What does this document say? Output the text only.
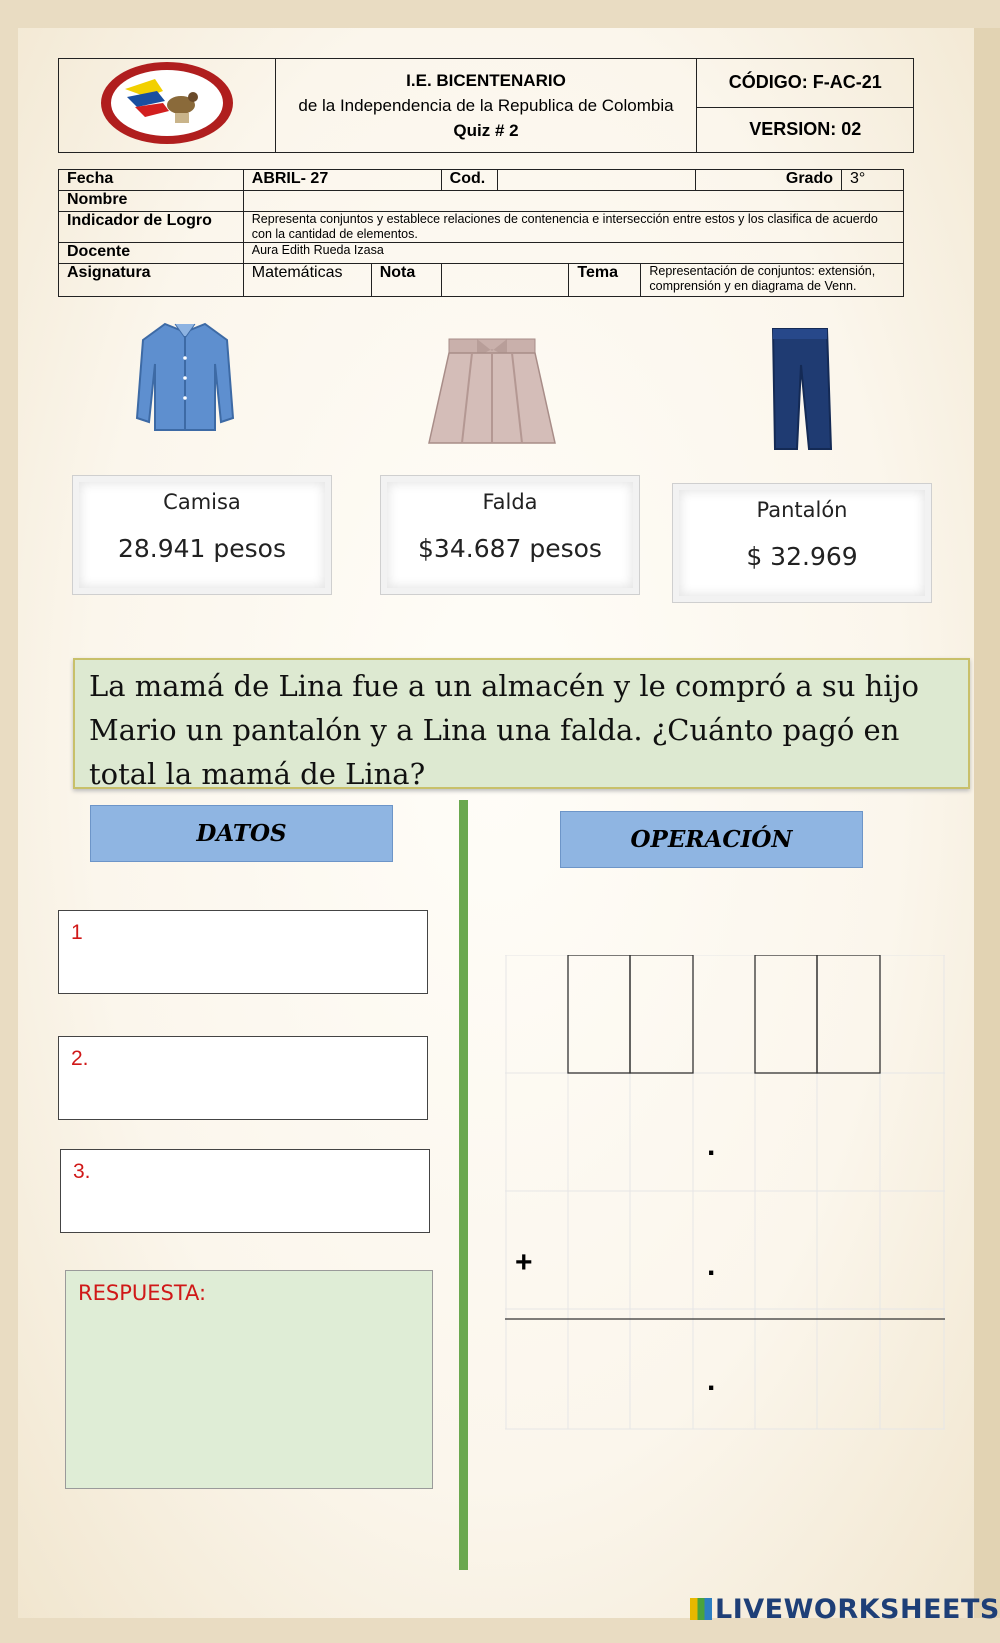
I.E. BICENTENARIO
de la Independencia de la Republica de Colombia
Quiz # 2
	CÓDIGO: F-AC-21
VERSION: 02
Fecha	ABRIL- 27		Cod.				Grado	3°
Nombre								
Indicador de Logro	Representa conjuntos y establece relaciones de contenencia e intersección entre estos y los clasifica de acuerdo con la cantidad de elementos.							
Docente	Aura Edith Rueda Izasa							
Asignatura	Matemáticas	Nota			Tema	Representación de conjuntos: extensión, comprensión y en diagrama de Venn.		
Camisa
28.941 pesos
Falda
$34.687 pesos
Pantalón
$ 32.969
La mamá de Lina fue a un almacén y le compró a su hijo Mario un pantalón y a Lina una falda. ¿Cuánto pagó en total la mamá de Lina?
DATOS	OPERACIÓN
1
2.
3.
RESPUESTA:
.
.
.
+
LIVEWORKSHEETS
